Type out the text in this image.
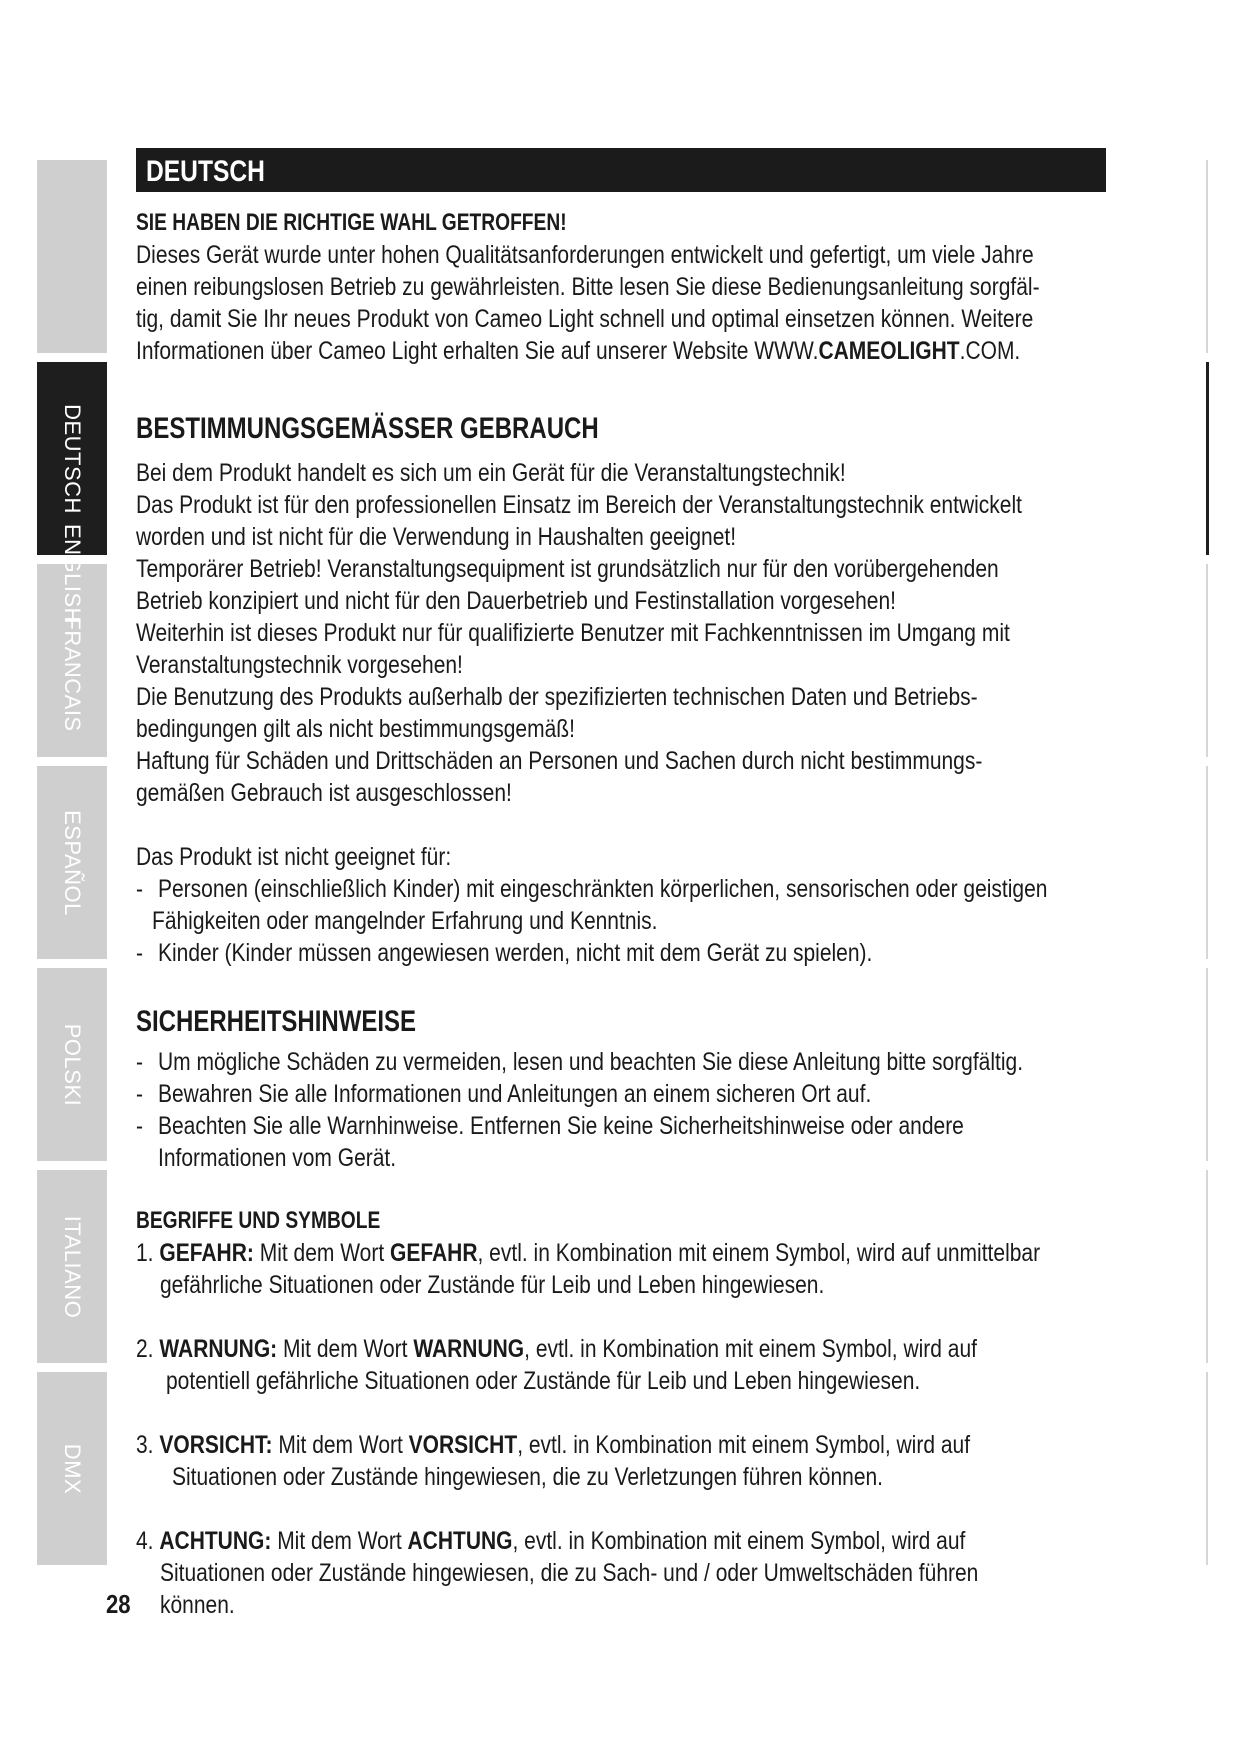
DEUTSCH
ENGLISH
FRANCAIS
ESPAÑOL
POLSKI
ITALIANO
DMX
DEUTSCH
SIE HABEN DIE RICHTIGE WAHL GETROFFEN!
Dieses Gerät wurde unter hohen Qualitätsanforderungen entwickelt und gefertigt, um viele Jahre
einen reibungslosen Betrieb zu gewährleisten. Bitte lesen Sie diese Bedienungsanleitung sorgfäl-
tig, damit Sie Ihr neues Produkt von Cameo Light schnell und optimal einsetzen können. Weitere
Informationen über Cameo Light erhalten Sie auf unserer Website WWW.CAMEOLIGHT.COM.
BESTIMMUNGSGEMÄSSER GEBRAUCH
Bei dem Produkt handelt es sich um ein Gerät für die Veranstaltungstechnik!
Das Produkt ist für den professionellen Einsatz im Bereich der Veranstaltungstechnik entwickelt
worden und ist nicht für die Verwendung in Haushalten geeignet!
Temporärer Betrieb! Veranstaltungsequipment ist grundsätzlich nur für den vorübergehenden
Betrieb konzipiert und nicht für den Dauerbetrieb und Festinstallation vorgesehen!
Weiterhin ist dieses Produkt nur für qualifizierte Benutzer mit Fachkenntnissen im Umgang mit
Veranstaltungstechnik vorgesehen!
Die Benutzung des Produkts außerhalb der spezifizierten technischen Daten und Betriebs-
bedingungen gilt als nicht bestimmungsgemäß!
Haftung für Schäden und Drittschäden an Personen und Sachen durch nicht bestimmungs-
gemäßen Gebrauch ist ausgeschlossen!
Das Produkt ist nicht geeignet für:
- Personen (einschließlich Kinder) mit eingeschränkten körperlichen, sensorischen oder geistigen
Fähigkeiten oder mangelnder Erfahrung und Kenntnis.
- Kinder (Kinder müssen angewiesen werden, nicht mit dem Gerät zu spielen).
SICHERHEITSHINWEISE
- Um mögliche Schäden zu vermeiden, lesen und beachten Sie diese Anleitung bitte sorgfältig.
- Bewahren Sie alle Informationen und Anleitungen an einem sicheren Ort auf.
- Beachten Sie alle Warnhinweise. Entfernen Sie keine Sicherheitshinweise oder andere
Informationen vom Gerät.
BEGRIFFE UND SYMBOLE
1. GEFAHR: Mit dem Wort GEFAHR, evtl. in Kombination mit einem Symbol, wird auf unmittelbar
gefährliche Situationen oder Zustände für Leib und Leben hingewiesen.
2. WARNUNG: Mit dem Wort WARNUNG, evtl. in Kombination mit einem Symbol, wird auf
potentiell gefährliche Situationen oder Zustände für Leib und Leben hingewiesen.
3. VORSICHT: Mit dem Wort VORSICHT, evtl. in Kombination mit einem Symbol, wird auf
Situationen oder Zustände hingewiesen, die zu Verletzungen führen können.
4. ACHTUNG: Mit dem Wort ACHTUNG, evtl. in Kombination mit einem Symbol, wird auf
Situationen oder Zustände hingewiesen, die zu Sach- und / oder Umweltschäden führen
können.
28
